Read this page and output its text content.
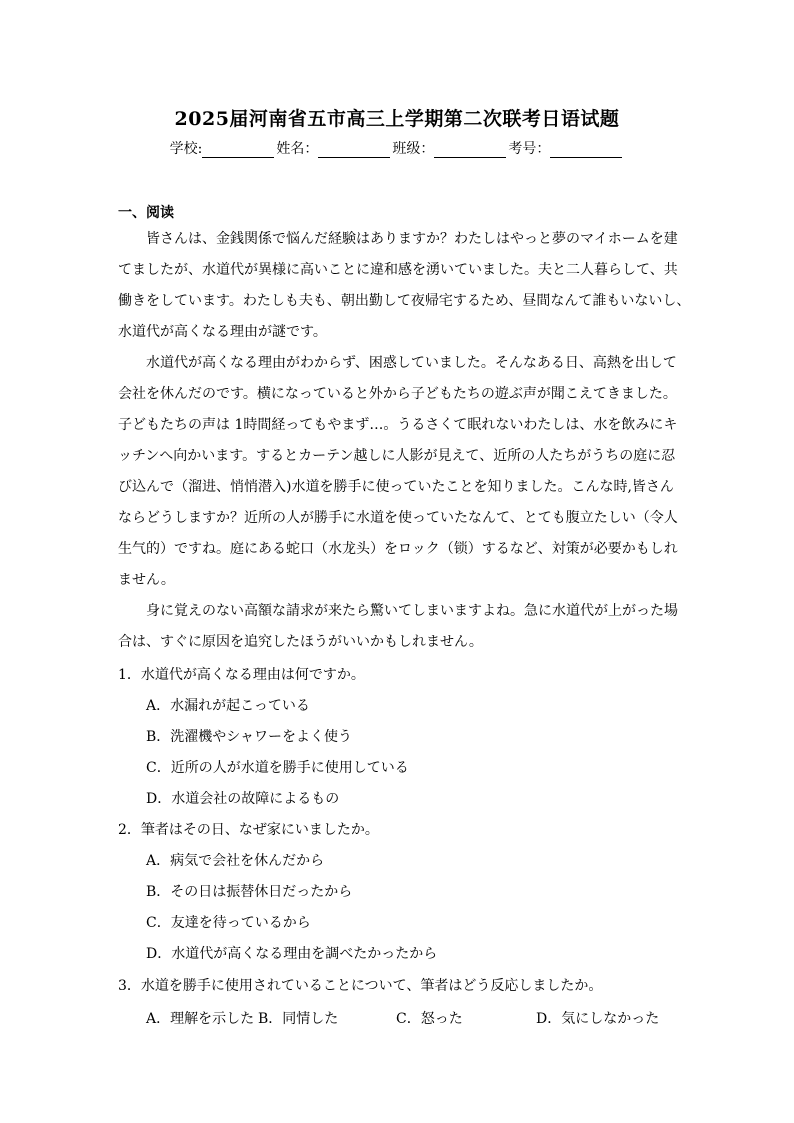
2025届河南省五市高三上学期第二次联考日语试题
学校:	姓名：	班级：	考号：
一、阅读
皆さんは、金銭関係で悩んだ経験はありますか？わたしはやっと夢のマイホームを建
てましたが、水道代が異様に高いことに違和感を湧いていました。夫と二人暮らして、共
働きをしています。わたしも夫も、朝出勤して夜帰宅するため、昼間なんて誰もいないし、
水道代が高くなる理由が謎です。
水道代が高くなる理由がわからず、困惑していました。そんなある日、高熱を出して
会社を休んだのです。横になっていると外から子どもたちの遊ぶ声が聞こえてきました。
子どもたちの声は 1時間経ってもやまず…。うるさくて眠れないわたしは、水を飲みにキ
ッチンへ向かいます。するとカーテン越しに人影が見えて、近所の人たちがうちの庭に忍
び込んで（溜进、悄悄潜入)水道を勝手に使っていたことを知りました。こんな時,皆さん
ならどうしますか？近所の人が勝手に水道を使っていたなんて、とても腹立たしい（令人
生气的）ですね。庭にある蛇口（水龙头）をロック（锁）するなど、対策が必要かもしれ
ません。
身に覚えのない高額な請求が来たら驚いてしまいますよね。急に水道代が上がった場
合は、すぐに原因を追究したほうがいいかもしれません。
1．水道代が高くなる理由は何ですか。
A．水漏れが起こっている
B．洗濯機やシャワーをよく使う
C．近所の人が水道を勝手に使用している
D．水道会社の故障によるもの
2．筆者はその日、なぜ家にいましたか。
A．病気で会社を休んだから
B．その日は振替休日だったから
C．友達を待っているから
D．水道代が高くなる理由を調べたかったから
3．水道を勝手に使用されていることについて、筆者はどう反応しましたか。
A．理解を示した B．同情した	C．怒った	D．気にしなかった
